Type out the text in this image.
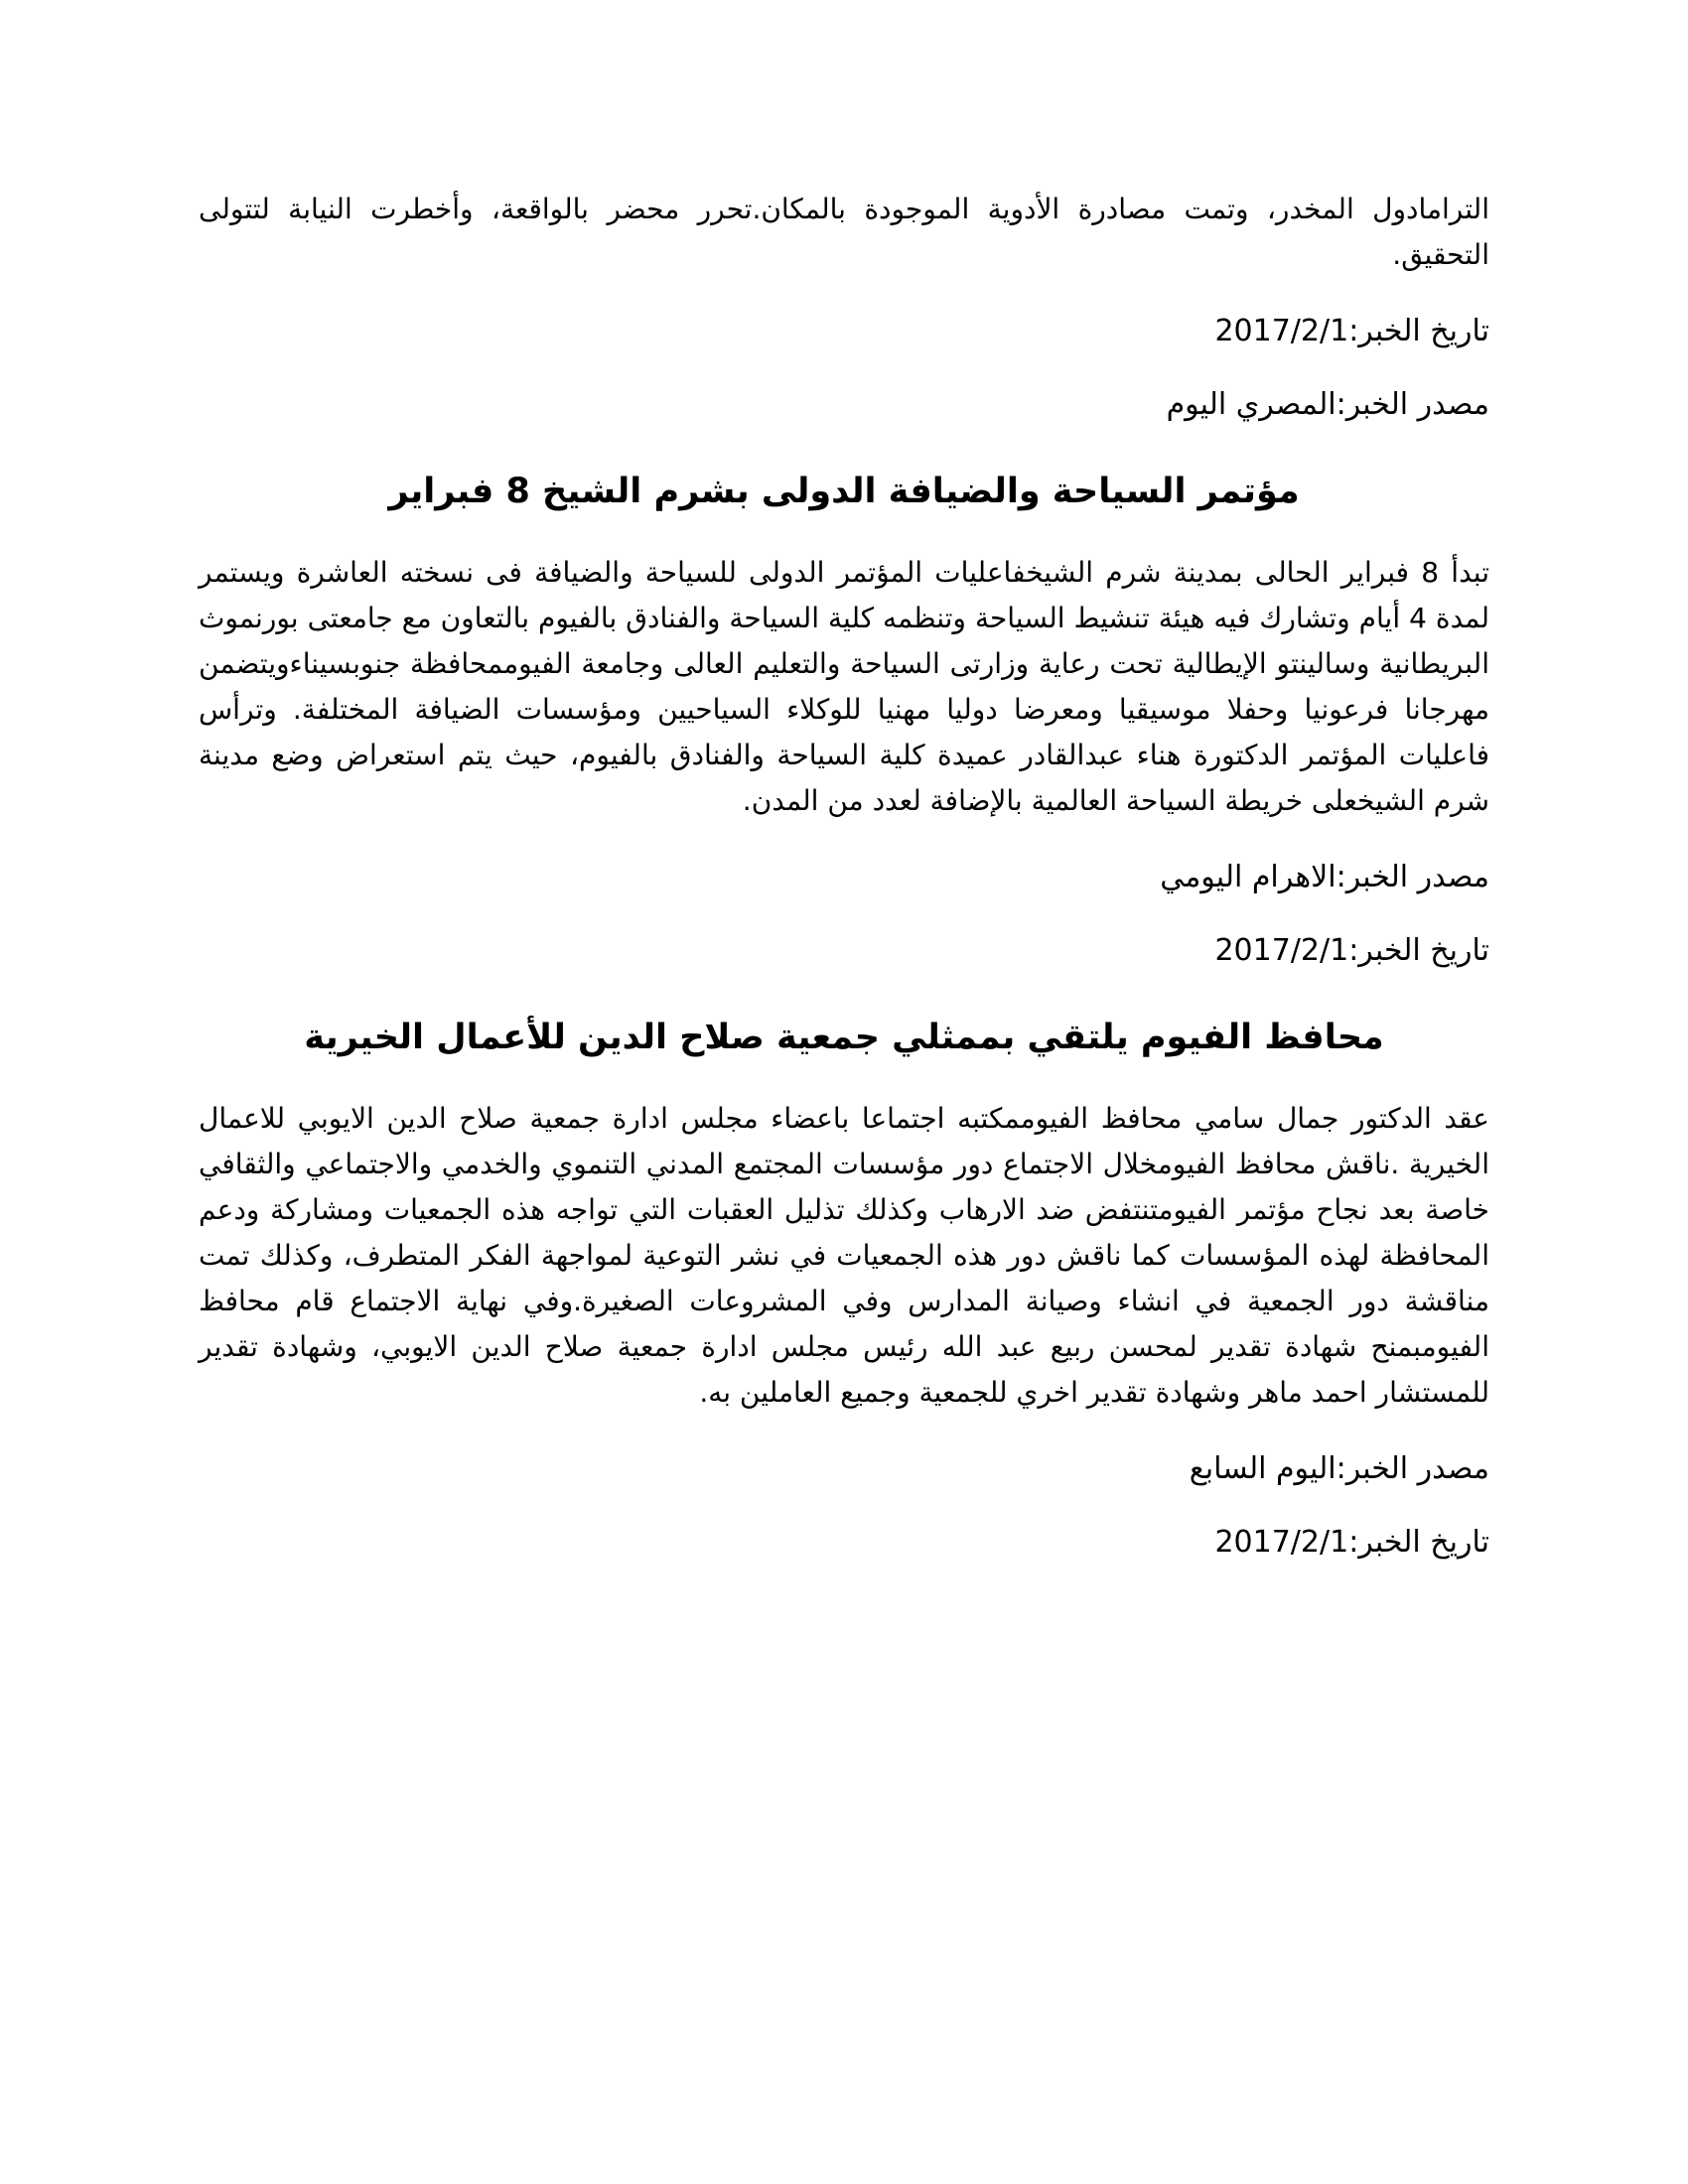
الترامادول المخدر، وتمت مصادرة الأدوية الموجودة بالمكان.تحرر محضر بالواقعة، وأخطرت النيابة لتتولى التحقيق.

تاريخ الخبر:2017/2/1

مصدر الخبر:المصري اليوم

مؤتمر السياحة والضيافة الدولى بشرم الشيخ 8 فبراير

تبدأ 8 فبراير الحالى بمدينة شرم الشيخفاعليات المؤتمر الدولى للسياحة والضيافة فى نسخته العاشرة ويستمر لمدة 4 أيام وتشارك فيه هيئة تنشيط السياحة وتنظمه كلية السياحة والفنادق بالفيوم بالتعاون مع جامعتى بورنموث البريطانية وسالينتو الإيطالية تحت رعاية وزارتى السياحة والتعليم العالى وجامعة الفيوممحافظة جنوبسيناءويتضمن مهرجانا فرعونيا وحفلا موسيقيا ومعرضا دوليا مهنيا للوكلاء السياحيين ومؤسسات الضيافة المختلفة. وترأس فاعليات المؤتمر الدكتورة هناء عبدالقادر عميدة كلية السياحة والفنادق بالفيوم، حيث يتم استعراض وضع مدينة شرم الشيخعلى خريطة السياحة العالمية بالإضافة لعدد من المدن.

مصدر الخبر:الاهرام اليومي

تاريخ الخبر:2017/2/1

محافظ الفيوم يلتقي بممثلي جمعية صلاح الدين للأعمال الخيرية

عقد الدكتور جمال سامي محافظ الفيوممكتبه اجتماعا باعضاء مجلس ادارة جمعية صلاح الدين الايوبي للاعمال الخيرية .ناقش محافظ الفيومخلال الاجتماع دور مؤسسات المجتمع المدني التنموي والخدمي والاجتماعي والثقافي خاصة بعد نجاح مؤتمر الفيومتنتفض ضد الارهاب وكذلك تذليل العقبات التي تواجه هذه الجمعيات ومشاركة ودعم المحافظة لهذه المؤسسات كما ناقش دور هذه الجمعيات في نشر التوعية لمواجهة الفكر المتطرف، وكذلك تمت مناقشة دور الجمعية في انشاء وصيانة المدارس وفي المشروعات الصغيرة.وفي نهاية الاجتماع قام محافظ الفيومبمنح شهادة تقدير لمحسن ربيع عبد الله رئيس مجلس ادارة جمعية صلاح الدين الايوبي، وشهادة تقدير للمستشار احمد ماهر وشهادة تقدير اخري للجمعية وجميع العاملين به.

مصدر الخبر:اليوم السابع

تاريخ الخبر:2017/2/1
